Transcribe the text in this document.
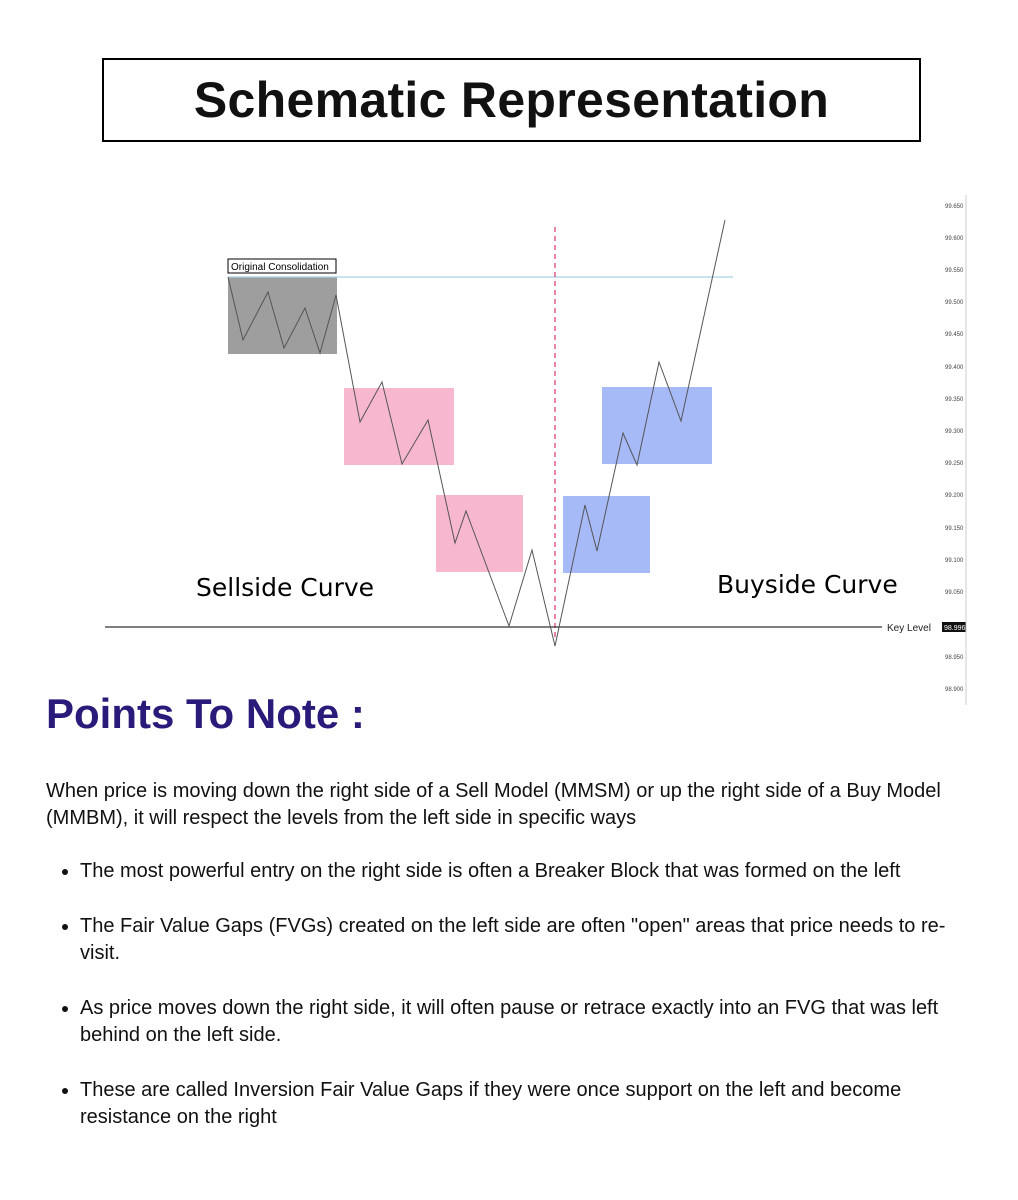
Schematic Representation
Original Consolidation
Sellside Curve	Buyside Curve
Key Level 98.996
99.650
99.600
99.550
99.500
99.450
99.400
99.350
99.300
99.250
99.200
99.150
99.100
99.050
98.950
98.900
Points To Note :

When price is moving down the right side of a Sell Model (MMSM) or up the right side of a Buy Model (MMBM), it will respect the levels from the left side in specific ways

• The most powerful entry on the right side is often a Breaker Block that was formed on the left
• The Fair Value Gaps (FVGs) created on the left side are often "open" areas that price needs to re-visit.
• As price moves down the right side, it will often pause or retrace exactly into an FVG that was left behind on the left side.
• These are called Inversion Fair Value Gaps if they were once support on the left and become resistance on the right
